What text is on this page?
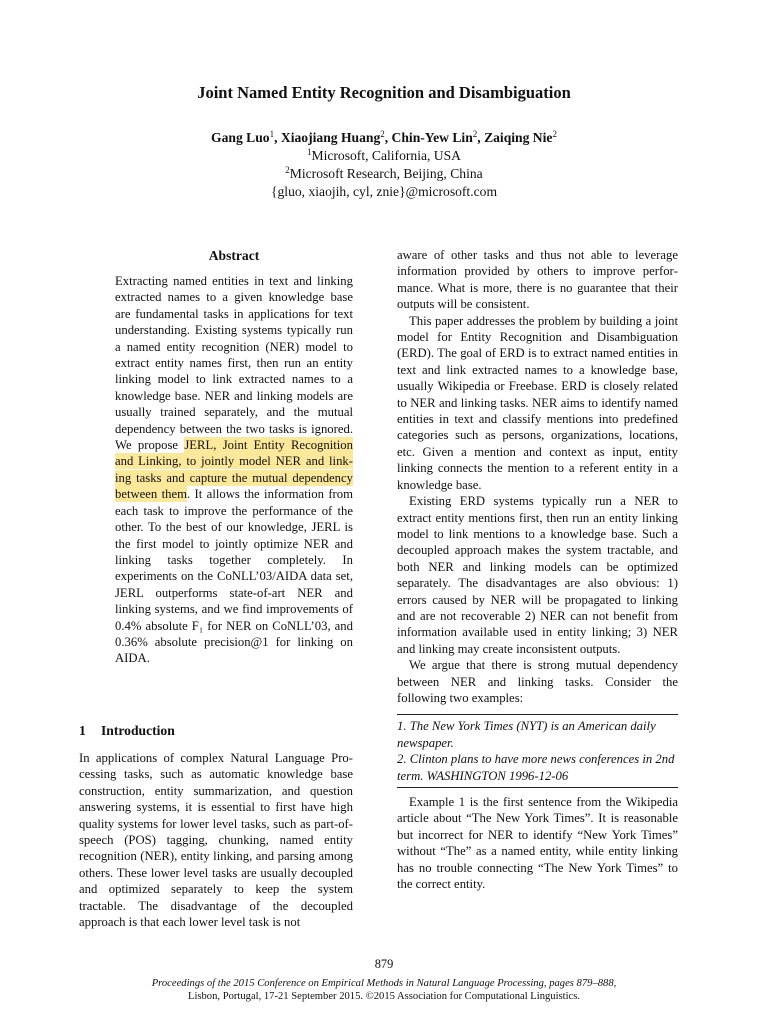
Joint Named Entity Recognition and Disambiguation
Gang Luo$^1$, Xiaojiang Huang$^2$, Chin-Yew Lin$^2$, Zaiqing Nie$^2$
$^1$Microsoft, California, USA
$^2$Microsoft Research, Beijing, China
{gluo, xiaojih, cyl, znie}@microsoft.com
Abstract

Extracting named entities in text and linking extracted names to a given knowledge base are fundamental tasks in applications for text understanding. Existing systems typically run a named entity recognition (NER) model to extract entity names first, then run an entity linking model to link extracted names to a knowledge base. NER and linking models are usually trained separately, and the mutual dependency between the two tasks is ignored. We propose JERL, Joint Entity Recognition and Linking, to jointly model NER and linking tasks and capture the mutual dependency between them. It allows the information from each task to improve the performance of the other. To the best of our knowledge, JERL is the first model to jointly optimize NER and linking tasks together completely. In experiments on the CoNLL’03/AIDA data set, JERL outperforms state-of-art NER and linking systems, and we find improvements of 0.4% absolute F₁ for NER on CoNLL’03, and 0.36% absolute precision@1 for linking on AIDA.

1 Introduction

In applications of complex Natural Language Processing tasks, such as automatic knowledge base construction, entity summarization, and question answering systems, it is essential to first have high quality systems for lower level tasks, such as part-of-speech (POS) tagging, chunking, named entity recognition (NER), entity linking, and parsing among others. These lower level tasks are usually decoupled and optimized separately to keep the system tractable. The disadvantage of the decoupled approach is that each lower level task is not

aware of other tasks and thus not able to leverage information provided by others to improve performance. What is more, there is no guarantee that their outputs will be consistent.

This paper addresses the problem by building a joint model for Entity Recognition and Disambiguation (ERD). The goal of ERD is to extract named entities in text and link extracted names to a knowledge base, usually Wikipedia or Freebase. ERD is closely related to NER and linking tasks. NER aims to identify named entities in text and classify mentions into predefined categories such as persons, organizations, locations, etc. Given a mention and context as input, entity linking connects the mention to a referent entity in a knowledge base.

Existing ERD systems typically run a NER to extract entity mentions first, then run an entity linking model to link mentions to a knowledge base. Such a decoupled approach makes the system tractable, and both NER and linking models can be optimized separately. The disadvantages are also obvious: 1) errors caused by NER will be propagated to linking and are not recoverable 2) NER can not benefit from information available used in entity linking; 3) NER and linking may create inconsistent outputs.

We argue that there is strong mutual dependency between NER and linking tasks. Consider the following two examples:

1. The New York Times (NYT) is an American daily newspaper.

2. Clinton plans to have more news conferences in 2nd term. WASHINGTON 1996-12-06

Example 1 is the first sentence from the Wikipedia article about “The New York Times”. It is reasonable but incorrect for NER to identify “New York Times” without “The” as a named entity, while entity linking has no trouble connecting “The New York Times” to the correct entity.

879
Proceedings of the 2015 Conference on Empirical Methods in Natural Language Processing, pages 879–888,
Lisbon, Portugal, 17-21 September 2015. ©2015 Association for Computational Linguistics.
